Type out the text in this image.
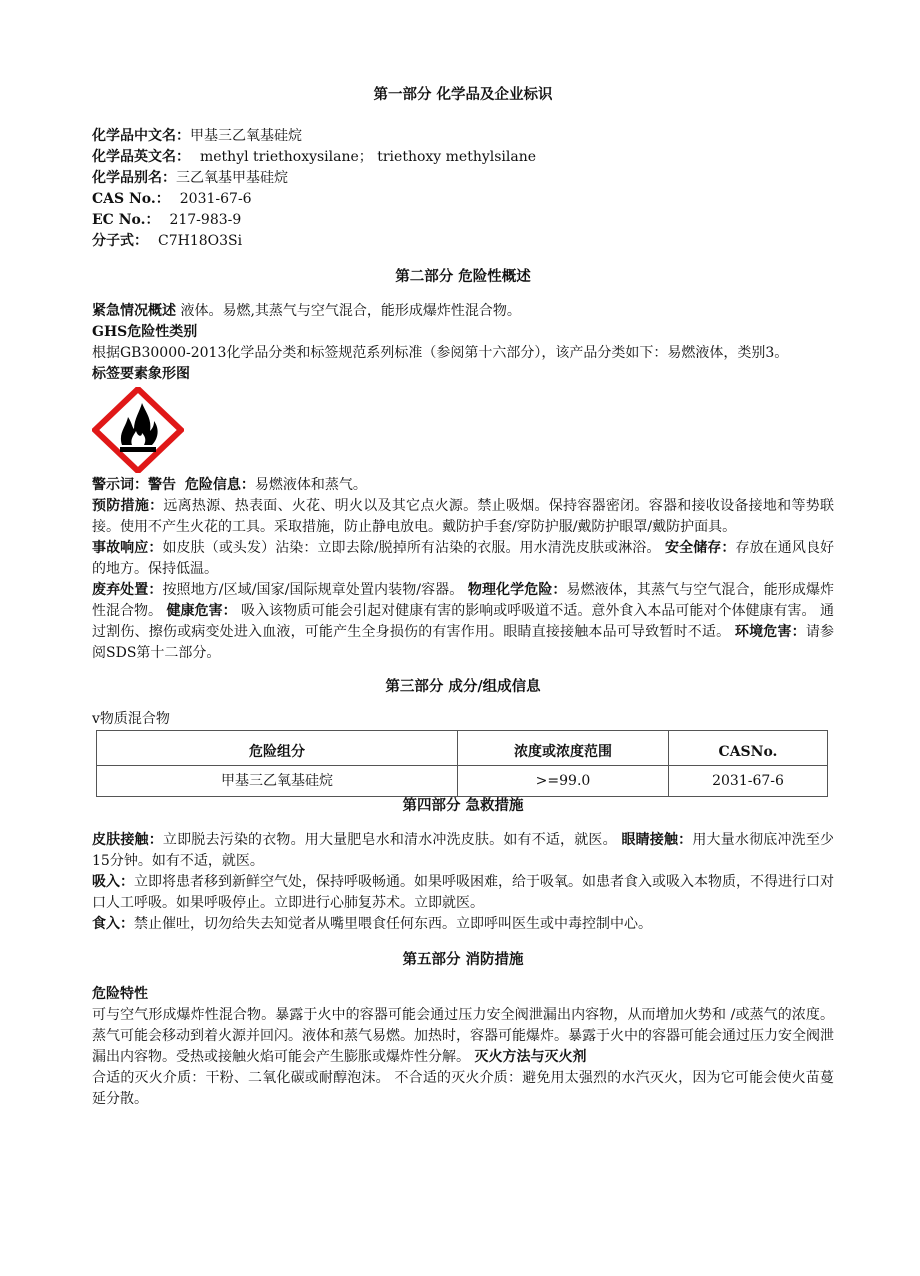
第一部分 化学品及企业标识

化学品中文名：甲基三乙氧基硅烷

化学品英文名： methyl triethoxysilane； triethoxy methylsilane

化学品别名：三乙氧基甲基硅烷

CAS No.： 2031-67-6

EC No.： 217-983-9

分子式： C7H18O3Si

第二部分 危险性概述

紧急情况概述 液体。易燃,其蒸气与空气混合，能形成爆炸性混合物。

GHS危险性类别

根据GB30000-2013化学品分类和标签规范系列标准（参阅第十六部分），该产品分类如下：易燃液体，类别3。

标签要素象形图

警示词：警告 危险信息：易燃液体和蒸气。

预防措施：远离热源、热表面、火花、明火以及其它点火源。禁止吸烟。保持容器密闭。容器和接收设备接地和等势联接。使用不产生火花的工具。采取措施，防止静电放电。戴防护手套/穿防护服/戴防护眼罩/戴防护面具。

事故响应：如皮肤（或头发）沾染：立即去除/脱掉所有沾染的衣服。用水清洗皮肤或淋浴。 安全储存：存放在通风良好的地方。保持低温。

废弃处置：按照地方/区域/国家/国际规章处置内装物/容器。 物理化学危险：易燃液体，其蒸气与空气混合，能形成爆炸性混合物。 健康危害： 吸入该物质可能会引起对健康有害的影响或呼吸道不适。意外食入本品可能对个体健康有害。 通过割伤、擦伤或病变处进入血液，可能产生全身损伤的有害作用。眼睛直接接触本品可导致暂时不适。 环境危害：请参阅SDS第十二部分。

第三部分 成分/组成信息

v物质混合物

危险组分	浓度或浓度范围	CASNo.
甲基三乙氧基硅烷	>=99.0	2031-67-6

第四部分 急救措施

皮肤接触：立即脱去污染的衣物。用大量肥皂水和清水冲洗皮肤。如有不适，就医。 眼睛接触：用大量水彻底冲洗至少15分钟。如有不适，就医。

吸入：立即将患者移到新鲜空气处，保持呼吸畅通。如果呼吸困难，给于吸氧。如患者食入或吸入本物质，不得进行口对口人工呼吸。如果呼吸停止。立即进行心肺复苏术。立即就医。

食入：禁止催吐，切勿给失去知觉者从嘴里喂食任何东西。立即呼叫医生或中毒控制中心。

第五部分 消防措施

危险特性

可与空气形成爆炸性混合物。暴露于火中的容器可能会通过压力安全阀泄漏出内容物，从而增加火势和 /或蒸气的浓度。蒸气可能会移动到着火源并回闪。液体和蒸气易燃。加热时，容器可能爆炸。暴露于火中的容器可能会通过压力安全阀泄漏出内容物。受热或接触火焰可能会产生膨胀或爆炸性分解。 灭火方法与灭火剂

合适的灭火介质：干粉、二氧化碳或耐醇泡沫。 不合适的灭火介质：避免用太强烈的水汽灭火，因为它可能会使火苗蔓延分散。
